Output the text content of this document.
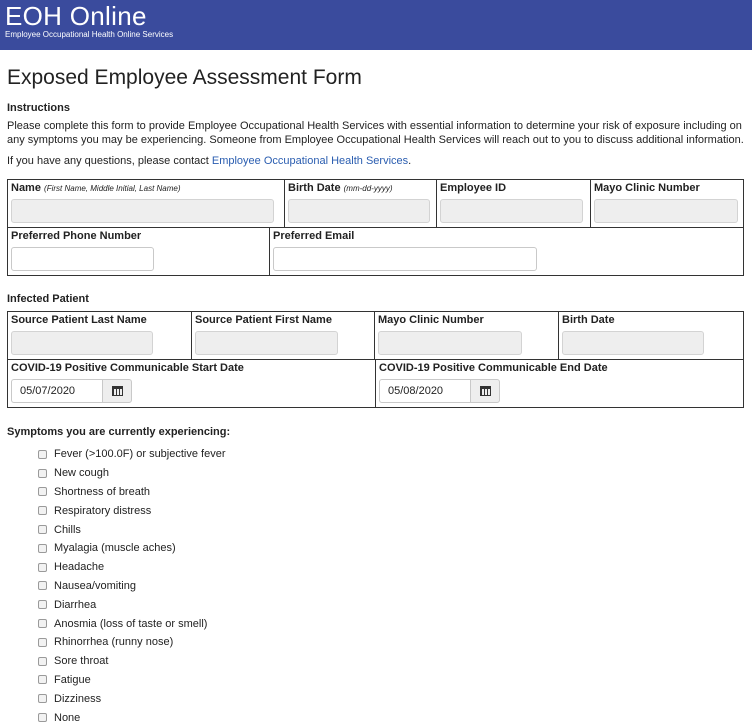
EOH Online
Employee Occupational Health Online Services
Exposed Employee Assessment Form
Instructions
Please complete this form to provide Employee Occupational Health Services with essential information to determine your risk of exposure including on any symptoms you may be experiencing. Someone from Employee Occupational Health Services will reach out to you to discuss additional information.
If you have any questions, please contact Employee Occupational Health Services.
Name (First Name, Middle Initial, Last Name)	Birth Date (mm-dd-yyyy)	Employee ID	Mayo Clinic Number
Preferred Phone Number	Preferred Email
Infected Patient
Source Patient Last Name	Source Patient First Name	Mayo Clinic Number	Birth Date
COVID-19 Positive Communicable Start Date
05/07/2020

COVID-19 Positive Communicable End Date
05/08/2020
Symptoms you are currently experiencing:
Fever (>100.0F) or subjective fever
New cough
Shortness of breath
Respiratory distress
Chills
Myalagia (muscle aches)
Headache
Nausea/vomiting
Diarrhea
Anosmia (loss of taste or smell)
Rhinorrhea (runny nose)
Sore throat
Fatigue
Dizziness
None
